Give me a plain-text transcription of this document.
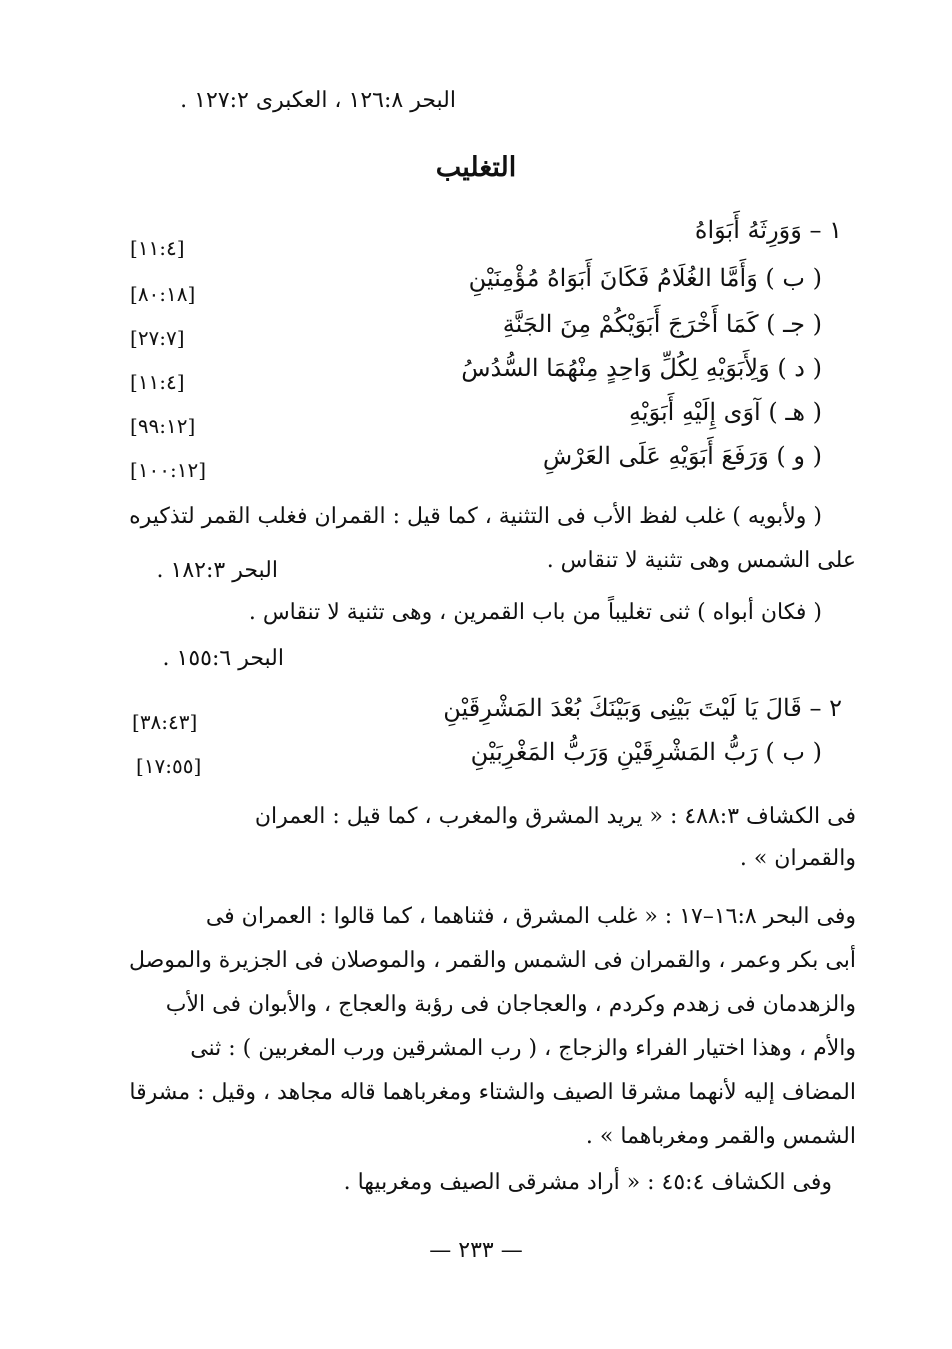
البحر ١٢٦:٨ ، العكبرى ١٢٧:٢ .
التغليب
١ – وَوَرِثَهُ أَبَوَاهُ
[١١:٤]
( ب ) وَأَمَّا الغُلَامُ فَكَانَ أَبَوَاهُ مُؤْمِنَيْنِ
[٨٠:١٨]
( جـ ) كَمَا أَخْرَجَ أَبَوَيْكُمْ مِنَ الجَنَّةِ
[٢٧:٧]
( د ) وَلِأَبَوَيْهِ لِكُلِّ وَاحِدٍ مِنْهُمَا السُّدُسُ
[١١:٤]
( هـ ) آوَى إِلَيْهِ أَبَوَيْهِ
[٩٩:١٢]
( و ) وَرَفَعَ أَبَوَيْهِ عَلَى العَرْشِ
[١٠٠:١٢]
( ولأبويه ) غلب لفظ الأب فى التثنية ، كما قيل : القمران فغلب القمر لتذكيره
على الشمس وهى تثنية لا تنقاس .
البحر ١٨٢:٣ .
( فكان أبواه ) ثنى تغليباً من باب القمرين ، وهى تثنية لا تنقاس .
البحر ١٥٥:٦ .
٢ – قَالَ يَا لَيْتَ بَيْنِى وَبَيْنَكَ بُعْدَ المَشْرِقَيْنِ
[٣٨:٤٣]
( ب ) رَبُّ المَشْرِقَيْنِ وَرَبُّ المَغْرِبَيْنِ
[١٧:٥٥]
فى الكشاف ٤٨٨:٣ : « يريد المشرق والمغرب ، كما قيل : العمران
والقمران » .
وفى البحر ١٦:٨–١٧ : « غلب المشرق ، فثناهما ، كما قالوا : العمران فى
أبى بكر وعمر ، والقمران فى الشمس والقمر ، والموصلان فى الجزيرة والموصل
والزهدمان فى زهدم وكردم ، والعجاجان فى رؤبة والعجاج ، والأبوان فى الأب
والأم ، وهذا اختيار الفراء والزجاج ، ( رب المشرقين ورب المغربين ) : ثنى
المضاف إليه لأنهما مشرقا الصيف والشتاء ومغرباهما قاله مجاهد ، وقيل : مشرقا
الشمس والقمر ومغرباهما » .
وفى الكشاف ٤٥:٤ : « أراد مشرقى الصيف ومغربيها .
— ٢٣٣ —
